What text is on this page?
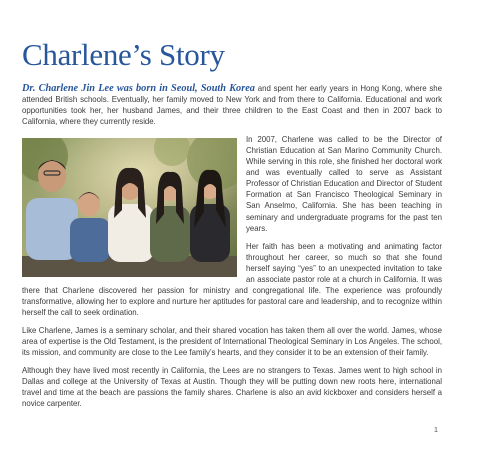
Charlene’s Story

Dr. Charlene Jin Lee was born in Seoul, South Korea and spent her early years in Hong Kong, where she attended British schools. Eventually, her family moved to New York and from there to California. Educational and work opportunities took her, her husband James, and their three children to the East Coast and then in 2007 back to California, where they currently reside.

In 2007, Charlene was called to be the Director of Christian Education at San Marino Community Church. While serving in this role, she finished her doctoral work and was eventually called to serve as Assistant Professor of Christian Education and Director of Student Formation at San Francisco Theological Seminary in San Anselmo, California. She has been teaching in seminary and undergraduate programs for the past ten years.

Her faith has been a motivating and animating factor throughout her career, so much so that she found herself saying “yes” to an unexpected invitation to take an associate pastor role at a church in California. It was there that Charlene discovered her passion for ministry and congregational life. The experience was profoundly transformative, allowing her to explore and nurture her aptitudes for pastoral care and leadership, and to recognize within herself the call to seek ordination.

Like Charlene, James is a seminary scholar, and their shared vocation has taken them all over the world. James, whose area of expertise is the Old Testament, is the president of International Theological Seminary in Los Angeles. The school, its mission, and community are close to the Lee family’s hearts, and they consider it to be an extension of their family.

Although they have lived most recently in California, the Lees are no strangers to Texas. James went to high school in Dallas and college at the University of Texas at Austin. Though they will be putting down new roots here, international travel and time at the beach are passions the family shares. Charlene is also an avid kickboxer and considers herself a novice carpenter.

1
